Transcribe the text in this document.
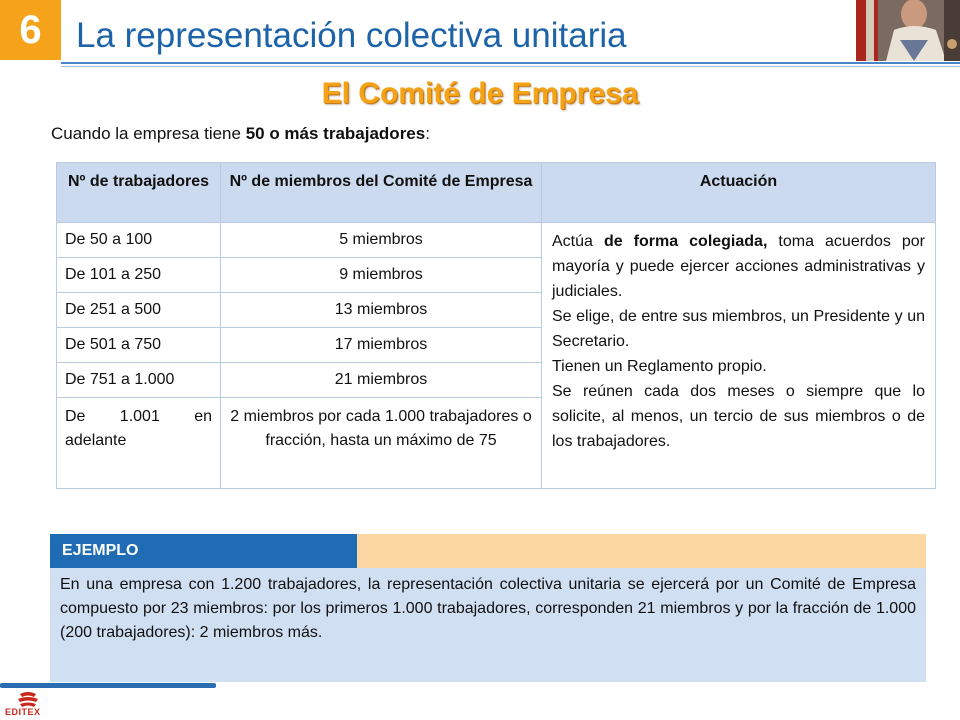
6 La representación colectiva unitaria
El Comité de Empresa
Cuando la empresa tiene 50 o más trabajadores:
Nº de trabajadores	Nº de miembros del Comité de Empresa	Actuación
De 50 a 100	5 miembros	Actúa de forma colegiada, toma acuerdos por mayoría y puede ejercer acciones administrativas y judiciales.

Se elige, de entre sus miembros, un Presidente y un Secretario.

Tienen un Reglamento propio.

Se reúnen cada dos meses o siempre que lo solicite, al menos, un tercio de sus miembros o de los trabajadores.

De 101 a 250	9 miembros	
De 251 a 500	13 miembros	
De 501 a 750	17 miembros	
De 751 a 1.000	21 miembros	

De 1.001 en
adelante	2 miembros por cada 1.000 trabajadores o fracción, hasta un máximo de 75	
EJEMPLO
En una empresa con 1.200 trabajadores, la representación colectiva unitaria se ejercerá por un Comité de Empresa compuesto por 23 miembros: por los primeros 1.000 trabajadores, corresponden 21 miembros y por la fracción de 1.000 (200 trabajadores): 2 miembros más.
EDITEX
